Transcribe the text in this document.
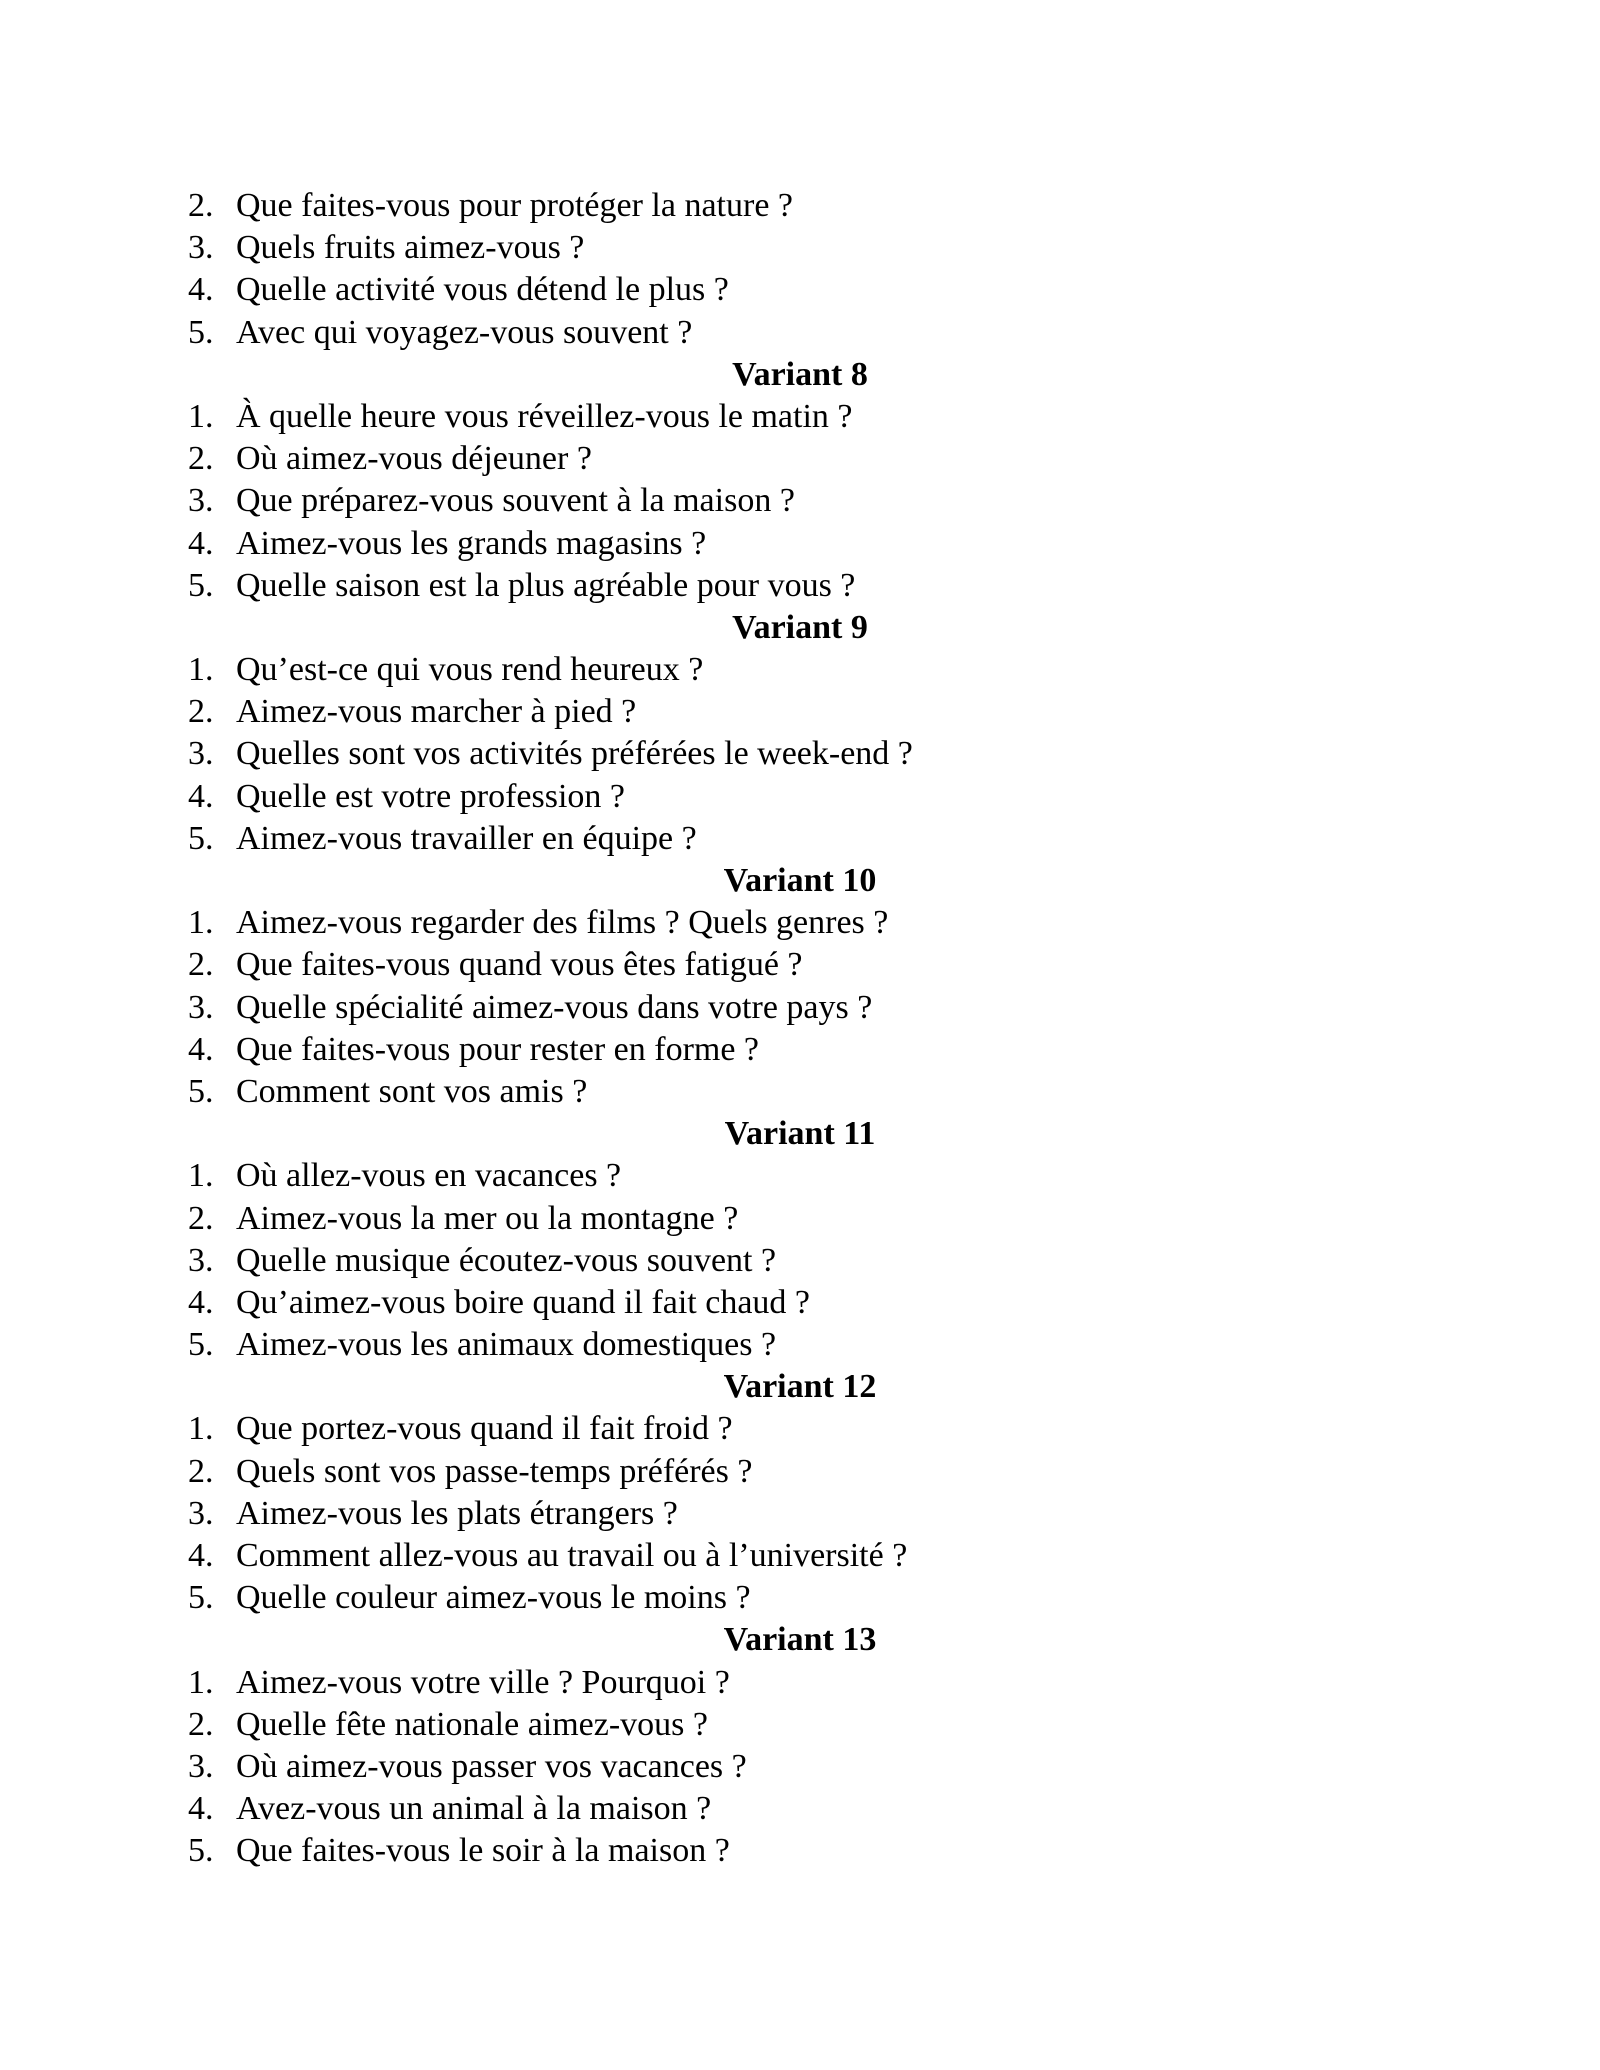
2. Que faites-vous pour protéger la nature ?
3. Quels fruits aimez-vous ?
4. Quelle activité vous détend le plus ?
5. Avec qui voyagez-vous souvent ?
Variant 8
1. À quelle heure vous réveillez-vous le matin ?
2. Où aimez-vous déjeuner ?
3. Que préparez-vous souvent à la maison ?
4. Aimez-vous les grands magasins ?
5. Quelle saison est la plus agréable pour vous ?
Variant 9
1. Qu’est-ce qui vous rend heureux ?
2. Aimez-vous marcher à pied ?
3. Quelles sont vos activités préférées le week-end ?
4. Quelle est votre profession ?
5. Aimez-vous travailler en équipe ?
Variant 10
1. Aimez-vous regarder des films ? Quels genres ?
2. Que faites-vous quand vous êtes fatigué ?
3. Quelle spécialité aimez-vous dans votre pays ?
4. Que faites-vous pour rester en forme ?
5. Comment sont vos amis ?
Variant 11
1. Où allez-vous en vacances ?
2. Aimez-vous la mer ou la montagne ?
3. Quelle musique écoutez-vous souvent ?
4. Qu’aimez-vous boire quand il fait chaud ?
5. Aimez-vous les animaux domestiques ?
Variant 12
1. Que portez-vous quand il fait froid ?
2. Quels sont vos passe-temps préférés ?
3. Aimez-vous les plats étrangers ?
4. Comment allez-vous au travail ou à l’université ?
5. Quelle couleur aimez-vous le moins ?
Variant 13
1. Aimez-vous votre ville ? Pourquoi ?
2. Quelle fête nationale aimez-vous ?
3. Où aimez-vous passer vos vacances ?
4. Avez-vous un animal à la maison ?
5. Que faites-vous le soir à la maison ?
